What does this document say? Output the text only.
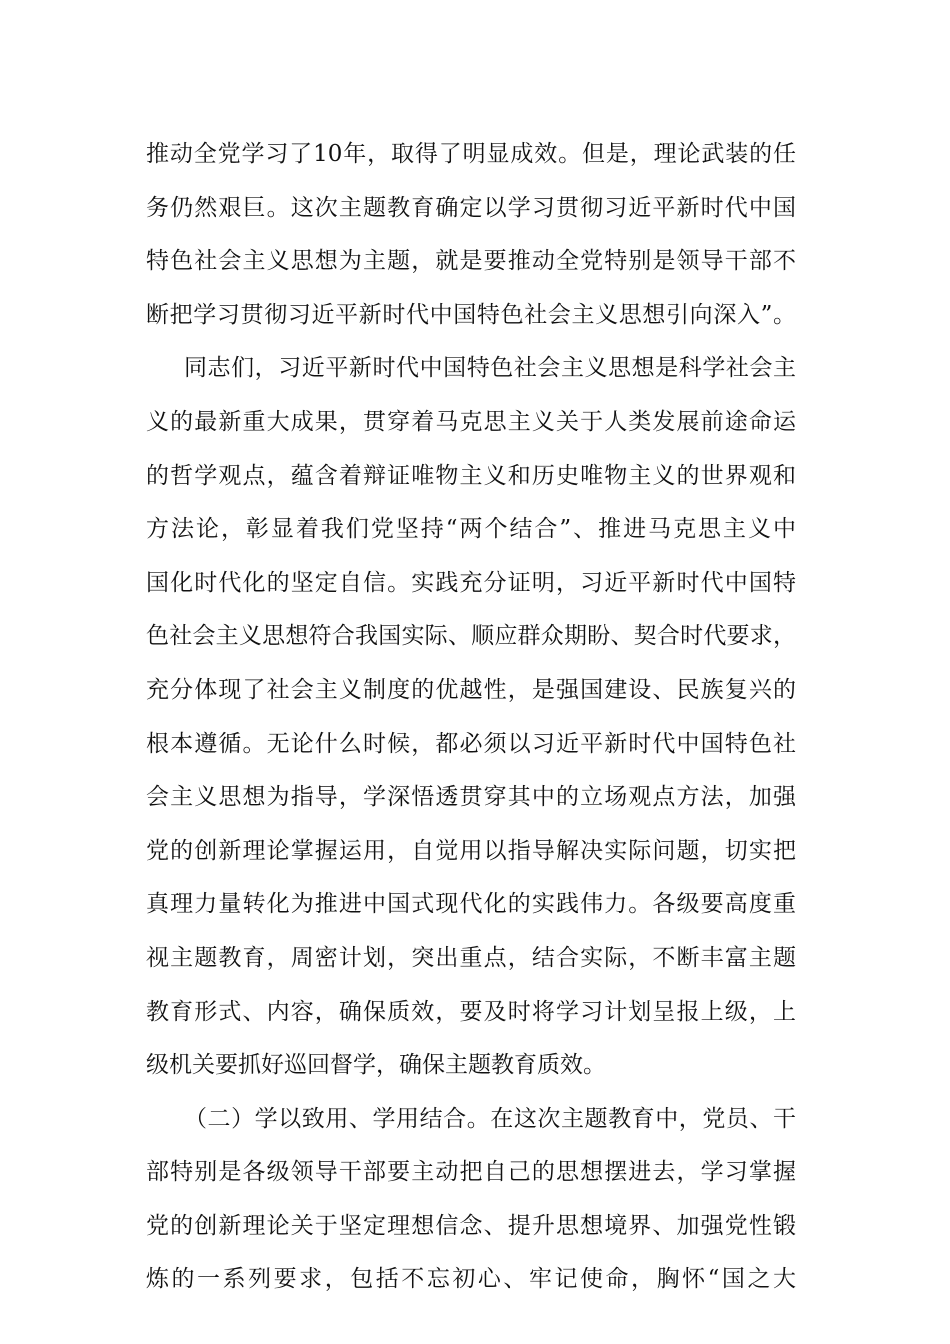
推动全党学习了10年，取得了明显成效。但是，理论武装的任
务仍然艰巨。这次主题教育确定以学习贯彻习近平新时代中国
特色社会主义思想为主题，就是要推动全党特别是领导干部不
断把学习贯彻习近平新时代中国特色社会主义思想引向深入”。
同志们，习近平新时代中国特色社会主义思想是科学社会主
义的最新重大成果，贯穿着马克思主义关于人类发展前途命运
的哲学观点，蕴含着辩证唯物主义和历史唯物主义的世界观和
方法论，彰显着我们党坚持“两个结合”、推进马克思主义中
国化时代化的坚定自信。实践充分证明，习近平新时代中国特
色社会主义思想符合我国实际、顺应群众期盼、契合时代要求，
充分体现了社会主义制度的优越性，是强国建设、民族复兴的
根本遵循。无论什么时候，都必须以习近平新时代中国特色社
会主义思想为指导，学深悟透贯穿其中的立场观点方法，加强
党的创新理论掌握运用，自觉用以指导解决实际问题，切实把
真理力量转化为推进中国式现代化的实践伟力。各级要高度重
视主题教育，周密计划，突出重点，结合实际，不断丰富主题
教育形式、内容，确保质效，要及时将学习计划呈报上级，上
级机关要抓好巡回督学，确保主题教育质效。
（二）学以致用、学用结合。在这次主题教育中，党员、干
部特别是各级领导干部要主动把自己的思想摆进去，学习掌握
党的创新理论关于坚定理想信念、提升思想境界、加强党性锻
炼的一系列要求，包括不忘初心、牢记使命，胸怀“国之大
